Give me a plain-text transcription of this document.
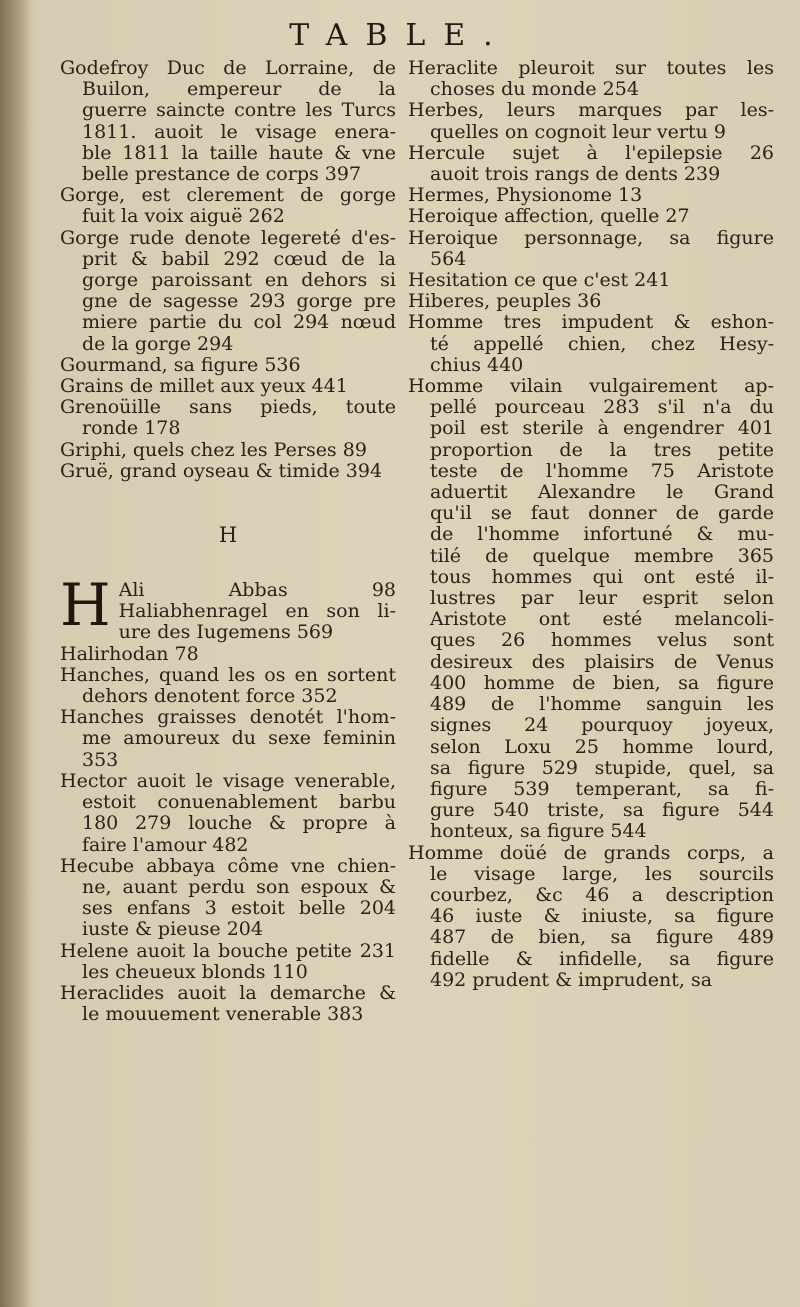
TABLE.

Godefroy Duc de Lorraine, de
Builon, empereur de la
guerre saincte contre les Turcs
1811. auoit le visage enera-
ble 1811 la taille haute & vne
belle prestance de corps 397

Gorge, est clerement de gorge
fuit la voix aiguë 262

Gorge rude denote legereté d'es-
prit & babil 292 cœud de la
gorge paroissant en dehors si
gne de sagesse 293 gorge pre
miere partie du col 294 nœud
de la gorge 294

Gourmand, sa figure 536

Grains de millet aux yeux 441

Grenoüille sans pieds, toute
ronde 178

Griphi, quels chez les Perses 89

Gruë, grand oyseau & timide 394

H
H Ali Abbas 98
Haliabhenragel en son li-
ure des Iugemens 569

Halirhodan 78

Hanches, quand les os en sortent
dehors denotent force 352

Hanches graisses denotét l'hom-
me amoureux du sexe feminin
353

Hector auoit le visage venerable,
estoit conuenablement barbu
180 279 louche & propre à
faire l'amour 482

Hecube abbaya côme vne chien-
ne, auant perdu son espoux &
ses enfans 3 estoit belle 204
iuste & pieuse 204

Helene auoit la bouche petite 231
les cheueux blonds 110

Heraclides auoit la demarche &
le mouuement venerable 383

Heraclite pleuroit sur toutes les
choses du monde 254

Herbes, leurs marques par les-
quelles on cognoit leur vertu 9

Hercule sujet à l'epilepsie 26
auoit trois rangs de dents 239

Hermes, Physionome 13

Heroique affection, quelle 27

Heroique personnage, sa figure
564

Hesitation ce que c'est 241

Hiberes, peuples 36

Homme tres impudent & eshon-
té appellé chien, chez Hesy-
chius 440

Homme vilain vulgairement ap-
pellé pourceau 283 s'il n'a du
poil est sterile à engendrer 401
proportion de la tres petite
teste de l'homme 75 Aristote
aduertit Alexandre le Grand
qu'il se faut donner de garde
de l'homme infortuné & mu-
tilé de quelque membre 365
tous hommes qui ont esté il-
lustres par leur esprit selon
Aristote ont esté melancoli-
ques 26 hommes velus sont
desireux des plaisirs de Venus
400 homme de bien, sa figure
489 de l'homme sanguin les
signes 24 pourquoy joyeux,
selon Loxu 25 homme lourd,
sa figure 529 stupide, quel, sa
figure 539 temperant, sa fi-
gure 540 triste, sa figure 544
honteux, sa figure 544

Homme doüé de grands corps, a
le visage large, les sourcils
courbez, &c 46 a description
46 iuste & iniuste, sa figure
487 de bien, sa figure 489
fidelle & infidelle, sa figure
492 prudent & imprudent, sa
